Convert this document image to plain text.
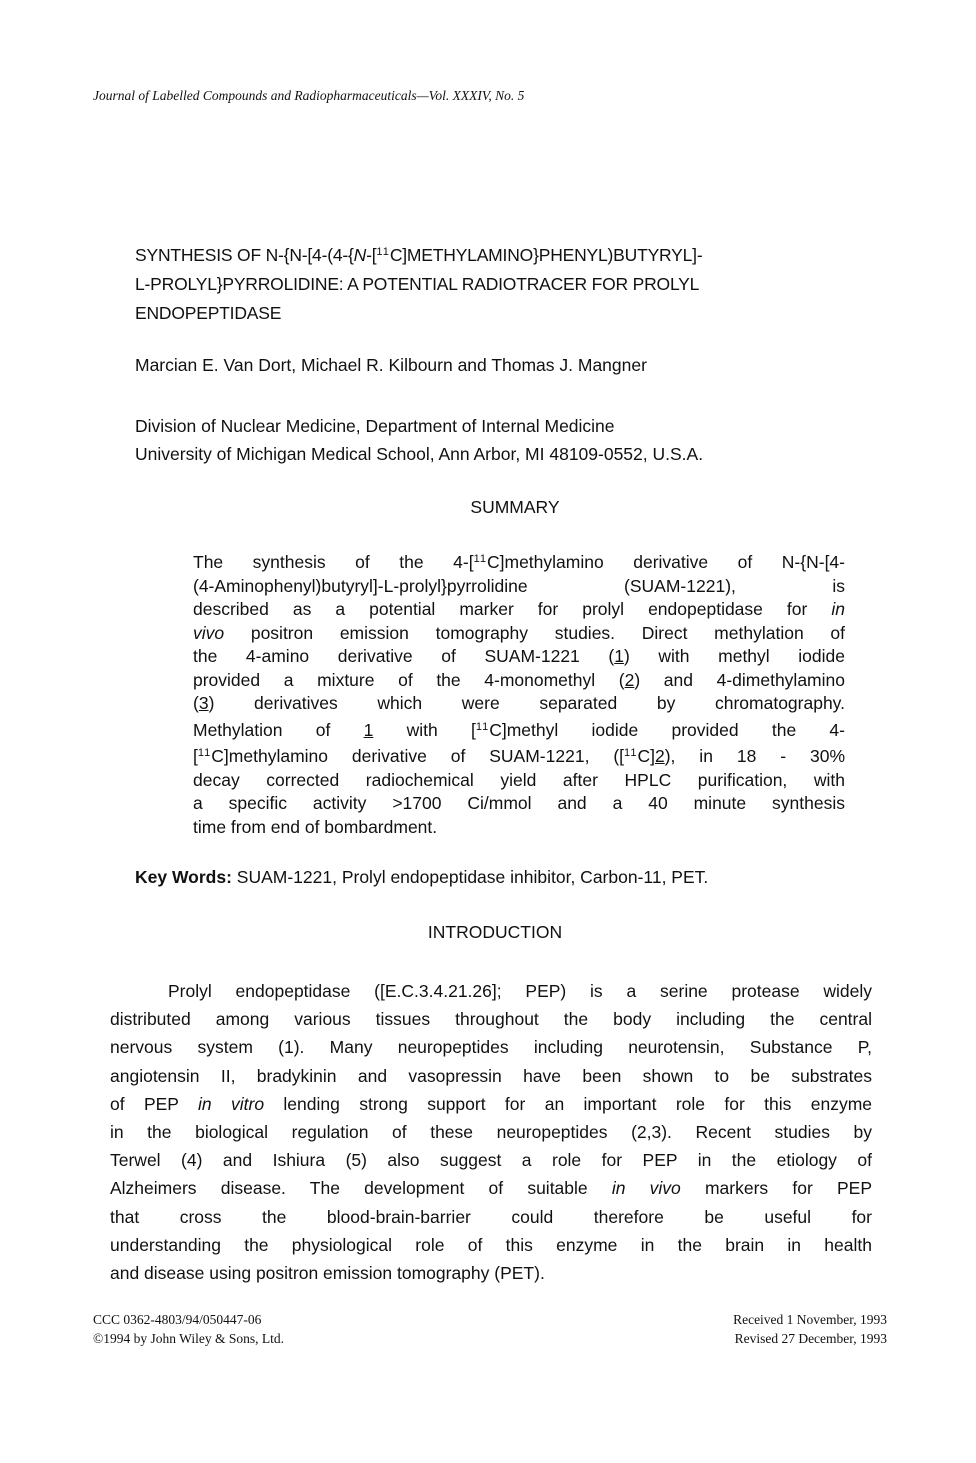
Journal of Labelled Compounds and Radiopharmaceuticals—Vol. XXXIV, No. 5
SYNTHESIS OF N-{N-[4-(4-{N-[$^{11}$C]METHYLAMINO}PHENYL)BUTYRYL]-
L-PROLYL}PYRROLIDINE: A POTENTIAL RADIOTRACER FOR PROLYL
ENDOPEPTIDASE
Marcian E. Van Dort, Michael R. Kilbourn and Thomas J. Mangner
Division of Nuclear Medicine, Department of Internal Medicine
University of Michigan Medical School, Ann Arbor, MI 48109-0552, U.S.A.
SUMMARY
The synthesis of the 4-[$^{11}$C]methylamino derivative of N-{N-[4-
(4-Aminophenyl)butyryl]-L-prolyl}pyrrolidine (SUAM-1221), is
described as a potential marker for prolyl endopeptidase for in
vivo positron emission tomography studies. Direct methylation of
the 4-amino derivative of SUAM-1221 (1) with methyl iodide
provided a mixture of the 4-monomethyl (2) and 4-dimethylamino
(3) derivatives which were separated by chromatography.
Methylation of 1 with [$^{11}$C]methyl iodide provided the 4-
[$^{11}$C]methylamino derivative of SUAM-1221, ([$^{11}$C]2), in 18 - 30%
decay corrected radiochemical yield after HPLC purification, with
a specific activity >1700 Ci/mmol and a 40 minute synthesis
time from end of bombardment.
Key Words: SUAM-1221, Prolyl endopeptidase inhibitor, Carbon-11, PET.
INTRODUCTION
Prolyl endopeptidase ([E.C.3.4.21.26]; PEP) is a serine protease widely
distributed among various tissues throughout the body including the central
nervous system (1). Many neuropeptides including neurotensin, Substance P,
angiotensin II, bradykinin and vasopressin have been shown to be substrates
of PEP in vitro lending strong support for an important role for this enzyme
in the biological regulation of these neuropeptides (2,3). Recent studies by
Terwel (4) and Ishiura (5) also suggest a role for PEP in the etiology of
Alzheimers disease. The development of suitable in vivo markers for PEP
that cross the blood-brain-barrier could therefore be useful for
understanding the physiological role of this enzyme in the brain in health
and disease using positron emission tomography (PET).
CCC 0362-4803/94/050447-06
©1994 by John Wiley & Sons, Ltd.
Received 1 November, 1993
Revised 27 December, 1993
